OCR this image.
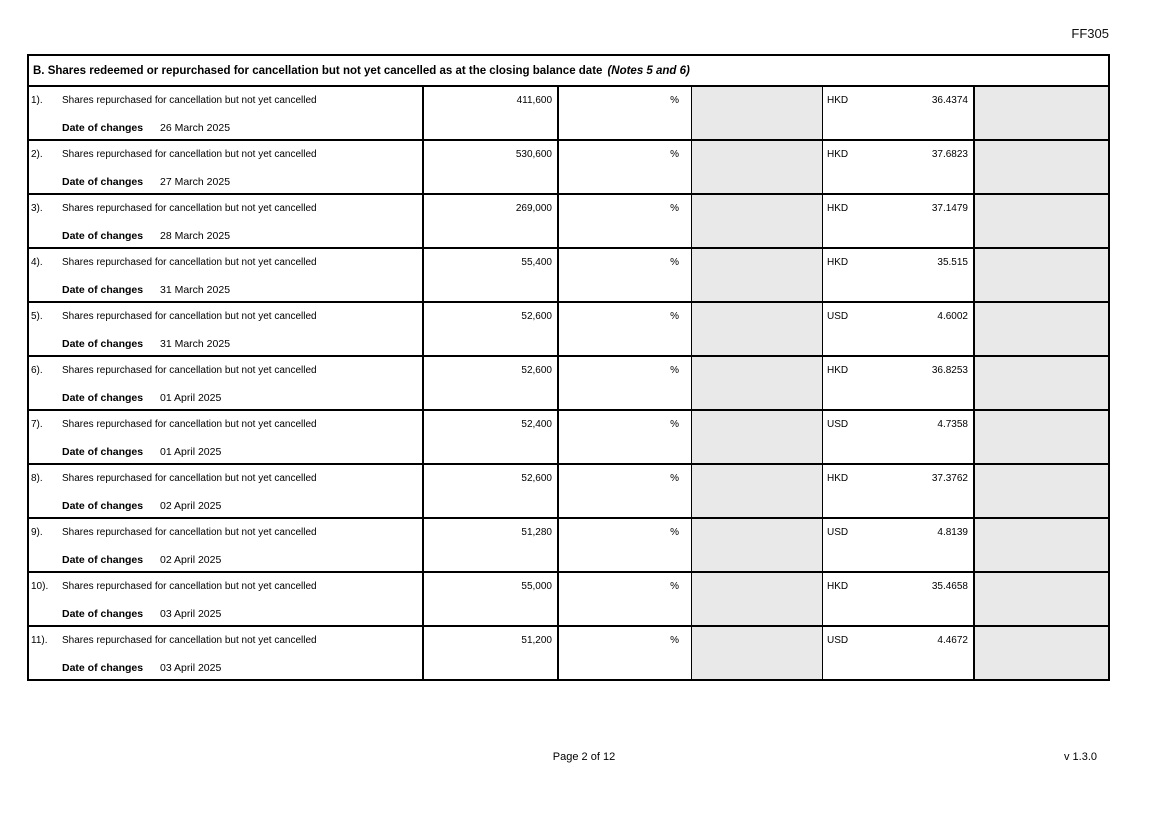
FF305
B. Shares redeemed or repurchased for cancellation but not yet cancelled as at the closing balance date (Notes 5 and 6)
1). Shares repurchased for cancellation but not yet cancelled
Date of changes 26 March 2025
411,600	%	HKD	36.4374
2). Shares repurchased for cancellation but not yet cancelled
Date of changes 27 March 2025
530,600	%	HKD	37.6823
3). Shares repurchased for cancellation but not yet cancelled
Date of changes 28 March 2025
269,000	%	HKD	37.1479
4). Shares repurchased for cancellation but not yet cancelled
Date of changes 31 March 2025
55,400	%	HKD	35.515
5). Shares repurchased for cancellation but not yet cancelled
Date of changes 31 March 2025
52,600	%	USD	4.6002
6). Shares repurchased for cancellation but not yet cancelled
Date of changes 01 April 2025
52,600	%	HKD	36.8253
7). Shares repurchased for cancellation but not yet cancelled
Date of changes 01 April 2025
52,400	%	USD	4.7358
8). Shares repurchased for cancellation but not yet cancelled
Date of changes 02 April 2025
52,600	%	HKD	37.3762
9). Shares repurchased for cancellation but not yet cancelled
Date of changes 02 April 2025
51,280	%	USD	4.8139
10). Shares repurchased for cancellation but not yet cancelled
Date of changes 03 April 2025
55,000	%	HKD	35.4658
11). Shares repurchased for cancellation but not yet cancelled
Date of changes 03 April 2025
51,200	%	USD	4.4672
Page 2 of 12	v 1.3.0
